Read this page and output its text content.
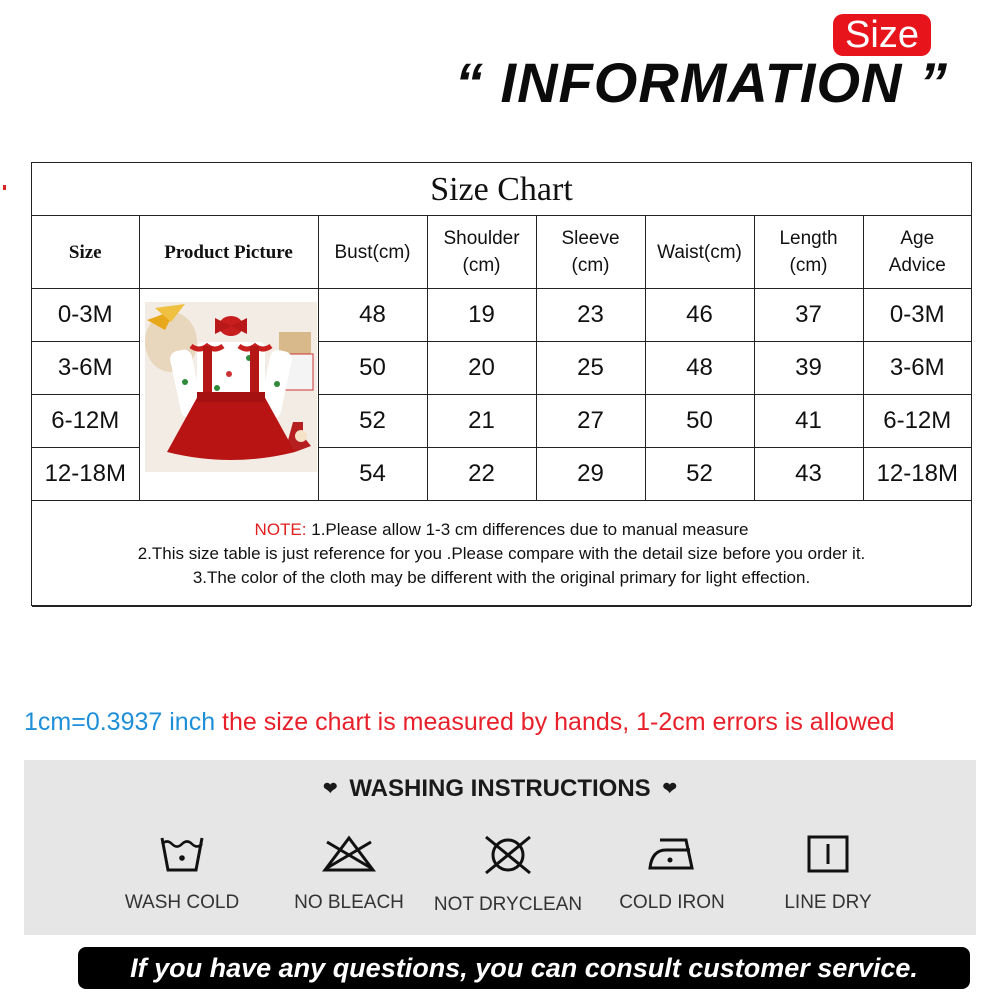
Size
“ INFORMATION ”
Size Chart
Size	Product Picture	Bust(cm)	Shoulder (cm)	Sleeve (cm)	Waist(cm)	Length (cm)	Age Advice
0-3M		48	19	23	46	37	0-3M
3-6M		50	20	25	48	39	3-6M
6-12M		52	21	27	50	41	6-12M
12-18M		54	22	29	52	43	12-18M

NOTE: 1.Please allow 1-3 cm differences due to manual measure
2.This size table is just reference for you .Please compare with the detail size before you order it.
3.The color of the cloth may be different with the original primary for light effection.							
1cm=0.3937 inch the size chart is measured by hands, 1-2cm errors is allowed
❤ WASHING INSTRUCTIONS ❤
WASH COLD	NO BLEACH	NOT DRYCLEAN	COLD IRON	LINE DRY
If you have any questions, you can consult customer service.
